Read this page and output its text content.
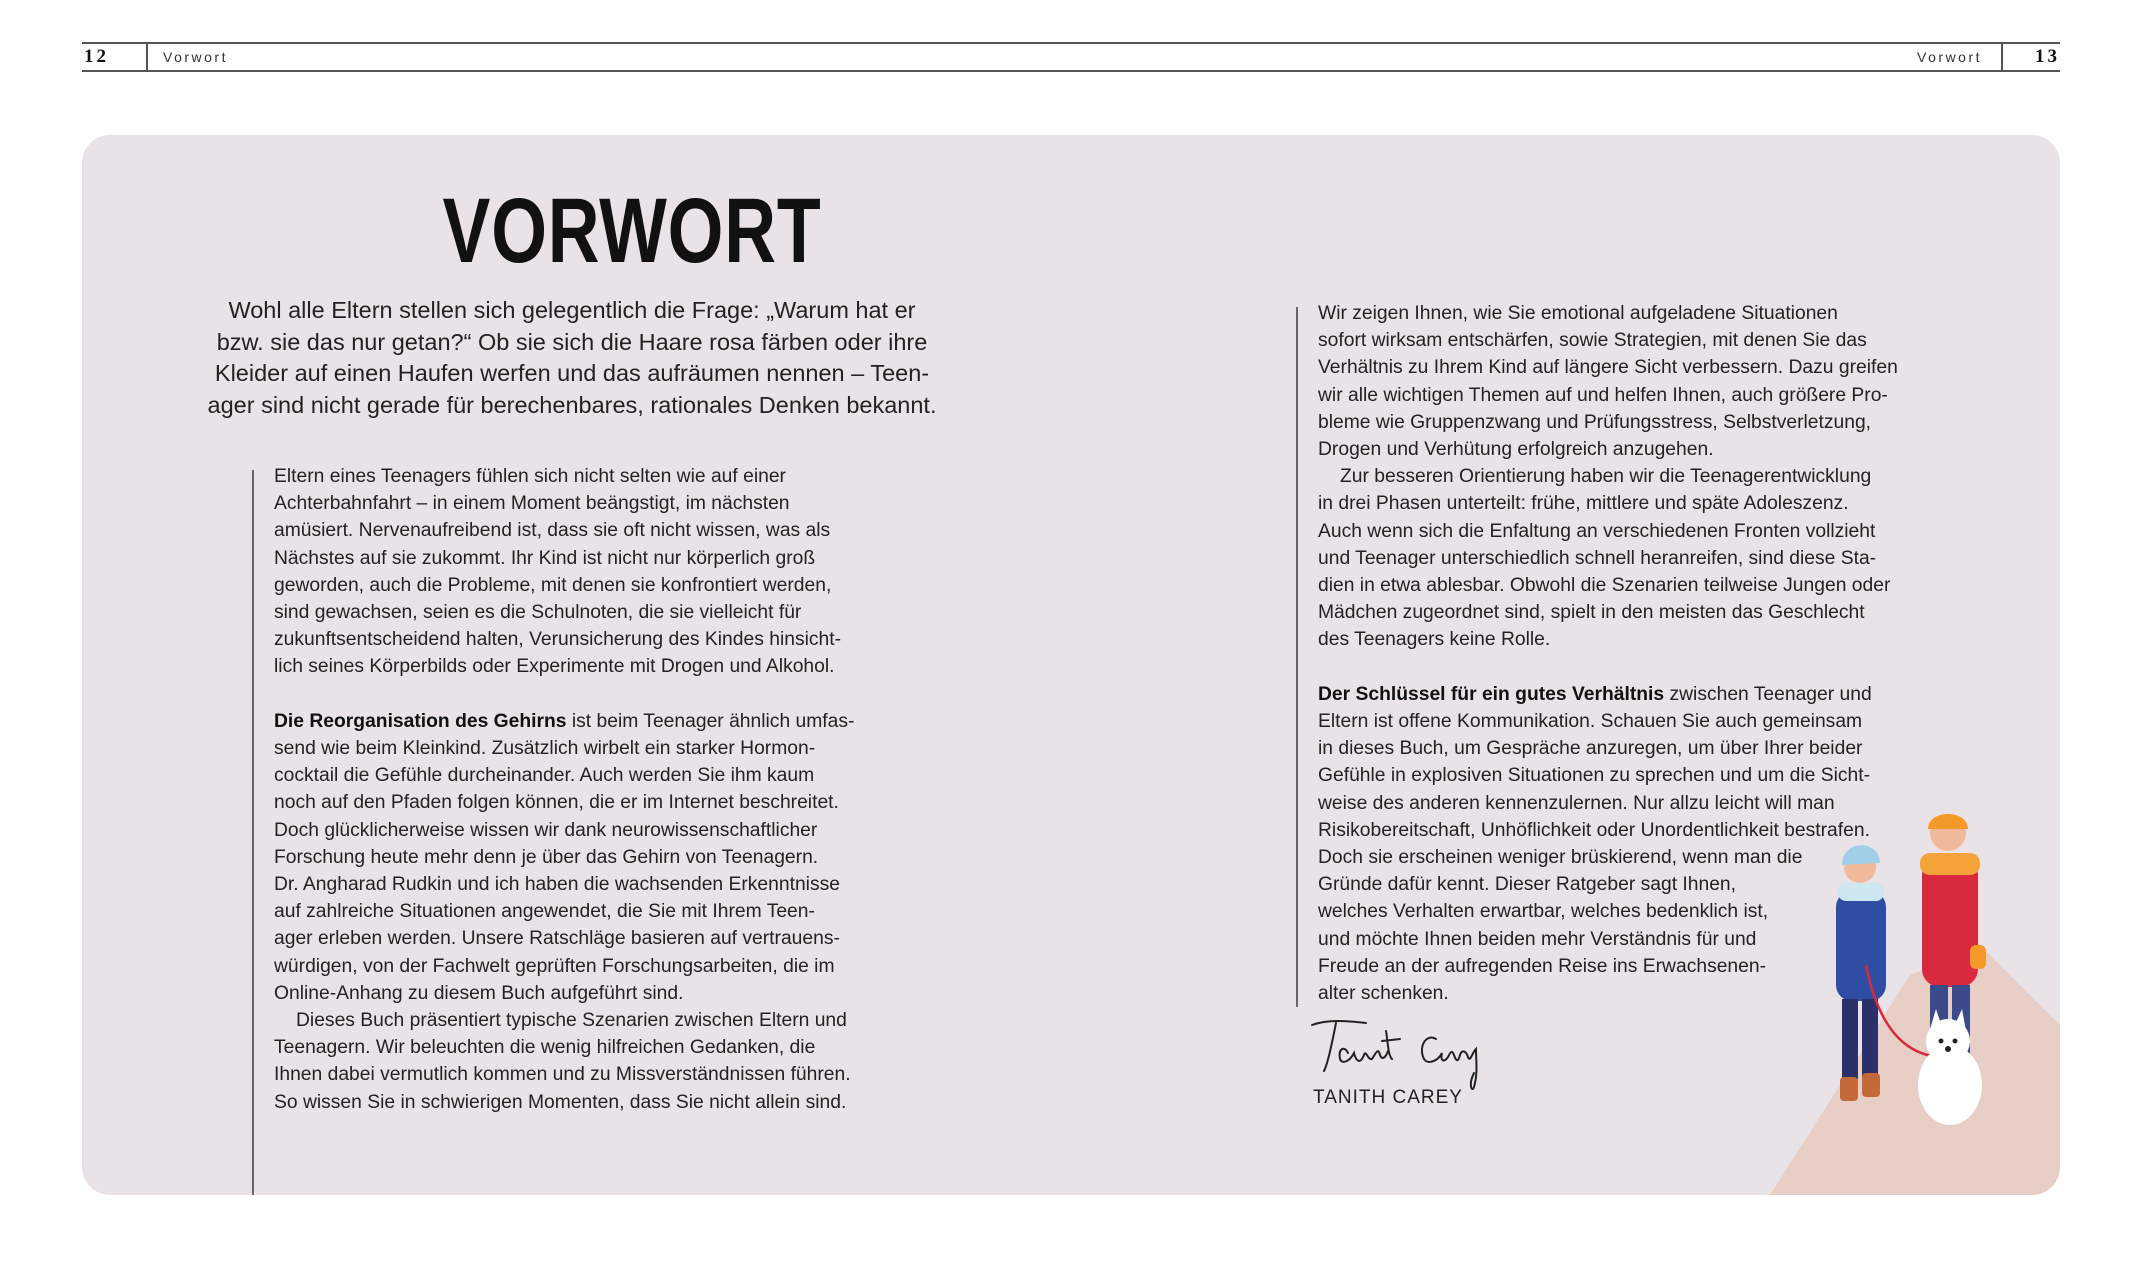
12	Vorwort	Vorwort	13
VORWORT
Wohl alle Eltern stellen sich gelegentlich die Frage: „Warum hat er
bzw. sie das nur getan?“ Ob sie sich die Haare rosa färben oder ihre
Kleider auf einen Haufen werfen und das aufräumen nennen – Teen-
ager sind nicht gerade für berechenbares, rationales Denken bekannt.
Eltern eines Teenagers fühlen sich nicht selten wie auf einer
Achterbahnfahrt – in einem Moment beängstigt, im nächsten
amüsiert. Nervenaufreibend ist, dass sie oft nicht wissen, was als
Nächstes auf sie zukommt. Ihr Kind ist nicht nur körperlich groß
geworden, auch die Probleme, mit denen sie konfrontiert werden,
sind gewachsen, seien es die Schulnoten, die sie vielleicht für
zukunftsentscheidend halten, Verunsicherung des Kindes hinsicht-
lich seines Körperbilds oder Experimente mit Drogen und Alkohol.
Die Reorganisation des Gehirns ist beim Teenager ähnlich umfas-
send wie beim Kleinkind. Zusätzlich wirbelt ein starker Hormon-
cocktail die Gefühle durcheinander. Auch werden Sie ihm kaum
noch auf den Pfaden folgen können, die er im Internet beschreitet.
Doch glücklicherweise wissen wir dank neurowissenschaftlicher
Forschung heute mehr denn je über das Gehirn von Teenagern.
Dr. Angharad Rudkin und ich haben die wachsenden Erkenntnisse
auf zahlreiche Situationen angewendet, die Sie mit Ihrem Teen-
ager erleben werden. Unsere Ratschläge basieren auf vertrauens-
würdigen, von der Fachwelt geprüften Forschungsarbeiten, die im
Online-Anhang zu diesem Buch aufgeführt sind.
Dieses Buch präsentiert typische Szenarien zwischen Eltern und
Teenagern. Wir beleuchten die wenig hilfreichen Gedanken, die
Ihnen dabei vermutlich kommen und zu Missverständnissen führen.
So wissen Sie in schwierigen Momenten, dass Sie nicht allein sind.
Wir zeigen Ihnen, wie Sie emotional aufgeladene Situationen
sofort wirksam entschärfen, sowie Strategien, mit denen Sie das
Verhältnis zu Ihrem Kind auf längere Sicht verbessern. Dazu greifen
wir alle wichtigen Themen auf und helfen Ihnen, auch größere Pro-
bleme wie Gruppenzwang und Prüfungsstress, Selbstverletzung,
Drogen und Verhütung erfolgreich anzugehen.
Zur besseren Orientierung haben wir die Teenagerentwicklung
in drei Phasen unterteilt: frühe, mittlere und späte Adoleszenz.
Auch wenn sich die Enfaltung an verschiedenen Fronten vollzieht
und Teenager unterschiedlich schnell heranreifen, sind diese Sta-
dien in etwa ablesbar. Obwohl die Szenarien teilweise Jungen oder
Mädchen zugeordnet sind, spielt in den meisten das Geschlecht
des Teenagers keine Rolle.
Der Schlüssel für ein gutes Verhältnis zwischen Teenager und
Eltern ist offene Kommunikation. Schauen Sie auch gemeinsam
in dieses Buch, um Gespräche anzuregen, um über Ihrer beider
Gefühle in explosiven Situationen zu sprechen und um die Sicht-
weise des anderen kennenzulernen. Nur allzu leicht will man
Risikobereitschaft, Unhöflichkeit oder Unordentlichkeit bestrafen.
Doch sie erscheinen weniger brüskierend, wenn man die
Gründe dafür kennt. Dieser Ratgeber sagt Ihnen,
welches Verhalten erwartbar, welches bedenklich ist,
und möchte Ihnen beiden mehr Verständnis für und
Freude an der aufregenden Reise ins Erwachsenen-
alter schenken.
TANITH CAREY
